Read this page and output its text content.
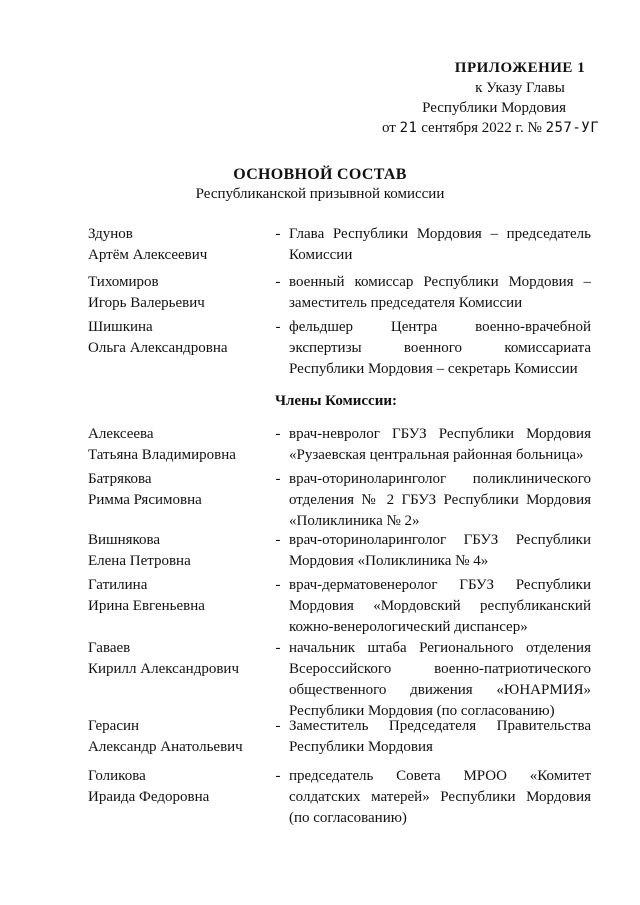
ПРИЛОЖЕНИЕ 1
к Указу Главы
Республики Мордовия
от 21 сентября 2022 г. № 257-УГ
ОСНОВНОЙ СОСТАВ
Республиканской призывной комиссии
Здунов
Артём Алексеевич
- Глава Республики Мордовия – председатель Комиссии
Тихомиров
Игорь Валерьевич
- военный комиссар Республики Мордовия – заместитель председателя Комиссии
Шишкина
Ольга Александровна
- фельдшер Центра военно-врачебной экспертизы военного комиссариата Республики Мордовия – секретарь Комиссии
Члены Комиссии:
Алексеева
Татьяна Владимировна
- врач-невролог ГБУЗ Республики Мордовия «Рузаевская центральная районная больница»
Батрякова
Римма Рясимовна
- врач-оториноларинголог поликлинического отделения № 2 ГБУЗ Республики Мордовия «Поликлиника № 2»
Вишнякова
Елена Петровна
- врач-оториноларинголог ГБУЗ Республики Мордовия «Поликлиника № 4»
Гатилина
Ирина Евгеньевна
- врач-дерматовенеролог ГБУЗ Республики Мордовия «Мордовский республиканский кожно-венерологический диспансер»
Гаваев
Кирилл Александрович
- начальник штаба Регионального отделения Всероссийского военно-патриотического общественного движения «ЮНАРМИЯ» Республики Мордовия (по согласованию)
Герасин
Александр Анатольевич
- Заместитель Председателя Правительства Республики Мордовия
Голикова
Ираида Федоровна
- председатель Совета МРОО «Комитет солдатских матерей» Республики Мордовия (по согласованию)
